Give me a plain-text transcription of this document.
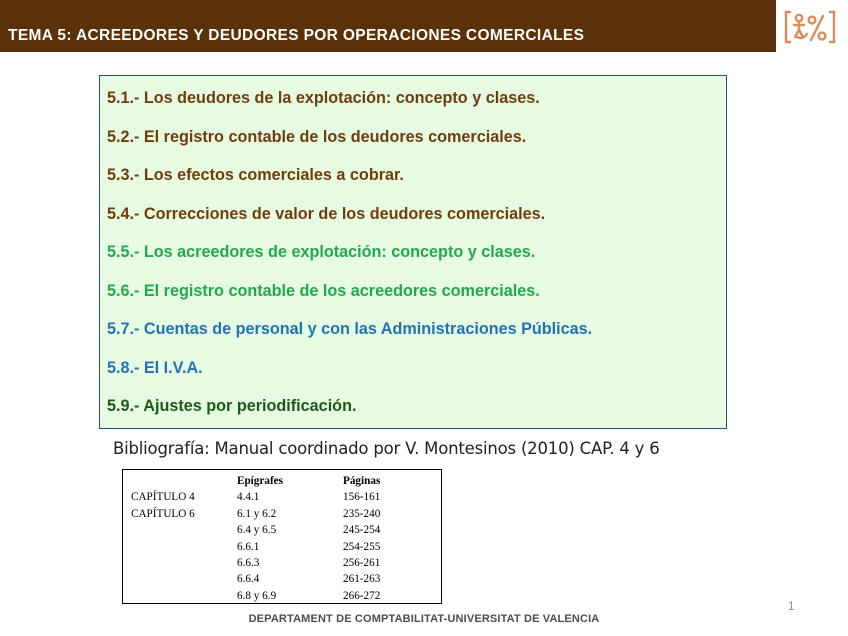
TEMA 5: ACREEDORES Y DEUDORES POR OPERACIONES COMERCIALES
5.1.- Los deudores de la explotación: concepto y clases.
5.2.- El registro contable de los deudores comerciales.
5.3.- Los efectos comerciales a cobrar.
5.4.- Correcciones de valor de los deudores comerciales.
5.5.- Los acreedores de explotación: concepto y clases.
5.6.- El registro contable de los acreedores comerciales.
5.7.- Cuentas de personal y con las Administraciones Públicas.
5.8.- El I.V.A.
5.9.- Ajustes por periodificación.
Bibliografía: Manual coordinado por V. Montesinos (2010) CAP. 4 y 6
CAPÍTULO 4
CAPÍTULO 6
Epígrafes
4.4.1
6.1 y 6.2
6.4 y 6.5
6.6.1
6.6.3
6.6.4
6.8 y 6.9
Páginas
156-161
235-240
245-254
254-255
256-261
261-263
266-272
1
DEPARTAMENT DE COMPTABILITAT-UNIVERSITAT DE VALENCIA
